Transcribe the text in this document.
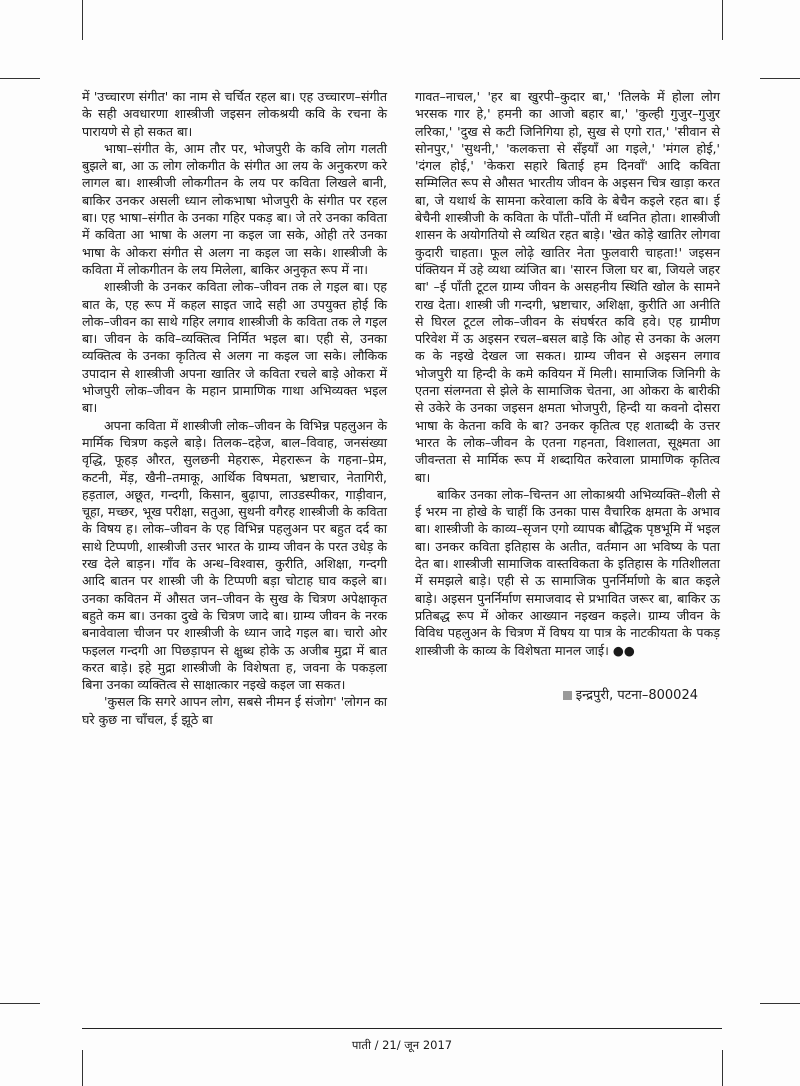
में 'उच्चारण संगीत' का नाम से चर्चित रहल बा। एह उच्चारण–संगीत के सही अवधारणा शास्त्रीजी जइसन लोकश्रयी कवि के रचना के पारायणे से हो सकत बा।

भाषा–संगीत के, आम तौर पर, भोजपुरी के कवि लोग गलती बुझले बा, आ ऊ लोग लोकगीत के संगीत आ लय के अनुकरण करे लागल बा। शास्त्रीजी लोकगीतन के लय पर कविता लिखले बानी, बाकिर उनकर असली ध्यान लोकभाषा भोजपुरी के संगीत पर रहल बा। एह भाषा–संगीत के उनका गहिर पकड़ बा। जे तरे उनका कविता में कविता आ भाषा के अलग ना कइल जा सके, ओही तरे उनका भाषा के ओकरा संगीत से अलग ना कइल जा सके। शास्त्रीजी के कविता में लोकगीतन के लय मिलेला, बाकिर अनुकृत रूप में ना।

शास्त्रीजी के उनकर कविता लोक–जीवन तक ले गइल बा। एह बात के, एह रूप में कहल साइत जादे सही आ उपयुक्त होई कि लोक–जीवन का साथे गहिर लगाव शास्त्रीजी के कविता तक ले गइल बा। जीवन के कवि–व्यक्तित्व निर्मित भइल बा। एही से, उनका व्यक्तित्व के उनका कृतित्व से अलग ना कइल जा सके। लौकिक उपादान से शास्त्रीजी अपना खातिर जे कविता रचले बाड़े ओकरा में भोजपुरी लोक–जीवन के महान प्रामाणिक गाथा अभिव्यक्त भइल बा।

अपना कविता में शास्त्रीजी लोक–जीवन के विभिन्न पहलुअन के मार्मिक चित्रण कइले बाड़े। तिलक–दहेज, बाल–विवाह, जनसंख्या वृद्धि, फूहड़ औरत, सुलछनी मेहरारू, मेहरारून के गहना–प्रेम, कटनी, मेंड़, खैनी–तमाकू, आर्थिक विषमता, भ्रष्टाचार, नेतागिरी, हड़ताल, अछूत, गन्दगी, किसान, बुढ़ापा, लाउडस्पीकर, गाड़ीवान, चूहा, मच्छर, भूख परीक्षा, सतुआ, सुथनी वगैरह शास्त्रीजी के कविता के विषय ह। लोक–जीवन के एह विभिन्न पहलुअन पर बहुत दर्द का साथे टिप्पणी, शास्त्रीजी उत्तर भारत के ग्राम्य जीवन के परत उधेड़ के रख देले बाड़न। गाँव के अन्ध–विश्वास, कुरीति, अशिक्षा, गन्दगी आदि बातन पर शास्त्री जी के टिप्पणी बड़ा चोटाह घाव कइले बा। उनका कवितन में औसत जन–जीवन के सुख के चित्रण अपेक्षाकृत बहुते कम बा। उनका दुखे के चित्रण जादे बा। ग्राम्य जीवन के नरक बनावेवाला चीजन पर शास्त्रीजी के ध्यान जादे गइल बा। चारो ओर फइलल गन्दगी आ पिछड़ापन से क्षुब्ध होके ऊ अजीब मुद्रा में बात करत बाड़े। इहे मुद्रा शास्त्रीजी के विशेषता ह, जवना के पकड़ला बिना उनका व्यक्तित्व से साक्षात्कार नइखे कइल जा सकत।

'कुसल कि सगरे आपन लोग, सबसे नीमन ई संजोग' 'लोगन का घरे कुछ ना चॉंचल, ई झूठे बा

गावत–नाचल,' 'हर बा खुरपी–कुदार बा,' 'तिलके में होला लोग भरसक गार हे,' हमनी का आजो बहार बा,' 'कुल्ही गुजुर–गुजुर लरिका,' 'दुख से कटी जिनिगिया हो, सुख से एगो रात,' 'सीवान से सोनपुर,' 'सुथनी,' 'कलकत्ता से सँइयाँ आ गइले,' 'मंगल होई,' 'दंगल होई,' 'केकरा सहारे बिताई हम दिनवाँ' आदि कविता सम्मिलित रूप से औसत भारतीय जीवन के अइसन चित्र खाड़ा करत बा, जे यथार्थ के सामना करेवाला कवि के बेचैन कइले रहत बा। ई बेचैनी शास्त्रीजी के कविता के पाँती–पाँती में ध्वनित होता। शास्त्रीजी शासन के अयोगतियो से व्यथित रहत बाड़े। 'खेत कोड़े खातिर लोगवा कुदारी चाहता। फूल लोढ़े खातिर नेता फुलवारी चाहता!' जइसन पंक्तियन में उहे व्यथा व्यंजित बा। 'सारन जिला घर बा, जियले जहर बा' –ई पाँती टूटल ग्राम्य जीवन के असहनीय स्थिति खोल के सामने राख देता। शास्त्री जी गन्दगी, भ्रष्टाचार, अशिक्षा, कुरीति आ अनीति से घिरल टूटल लोक–जीवन के संघर्षरत कवि हवे। एह ग्रामीण परिवेश में ऊ अइसन रचल–बसल बाड़े कि ओह से उनका के अलग क के नइखे देखल जा सकत। ग्राम्य जीवन से अइसन लगाव भोजपुरी या हिन्दी के कमे कवियन में मिली। सामाजिक जिनिगी के एतना संलग्नता से झेले के सामाजिक चेतना, आ ओकरा के बारीकी से उकेरे के उनका जइसन क्षमता भोजपुरी, हिन्दी या कवनो दोसरा भाषा के केतना कवि के बा? उनकर कृतित्व एह शताब्दी के उत्तर भारत के लोक–जीवन के एतना गहनता, विशालता, सूक्ष्मता आ जीवन्तता से मार्मिक रूप में शब्दायित करेवाला प्रामाणिक कृतित्व बा।

बाकिर उनका लोक–चिन्तन आ लोकाश्रयी अभिव्यक्ति–शैली से ई भरम ना होखे के चाहीं कि उनका पास वैचारिक क्षमता के अभाव बा। शास्त्रीजी के काव्य–सृजन एगो व्यापक बौद्धिक पृष्ठभूमि में भइल बा। उनकर कविता इतिहास के अतीत, वर्तमान आ भविष्य के पता देत बा। शास्त्रीजी सामाजिक वास्तविकता के इतिहास के गतिशीलता में समझले बाड़े। एही से ऊ सामाजिक पुनर्निर्माणो के बात कइले बाड़े। अइसन पुनर्निर्माण समाजवाद से प्रभावित जरूर बा, बाकिर ऊ प्रतिबद्ध रूप में ओकर आख्यान नइखन कइले। ग्राम्य जीवन के विविध पहलुअन के चित्रण में विषय या पात्र के नाटकीयता के पकड़ शास्त्रीजी के काव्य के विशेषता मानल जाई। ●●

इन्द्रपुरी, पटना–800024
पाती / 21/ जून 2017
